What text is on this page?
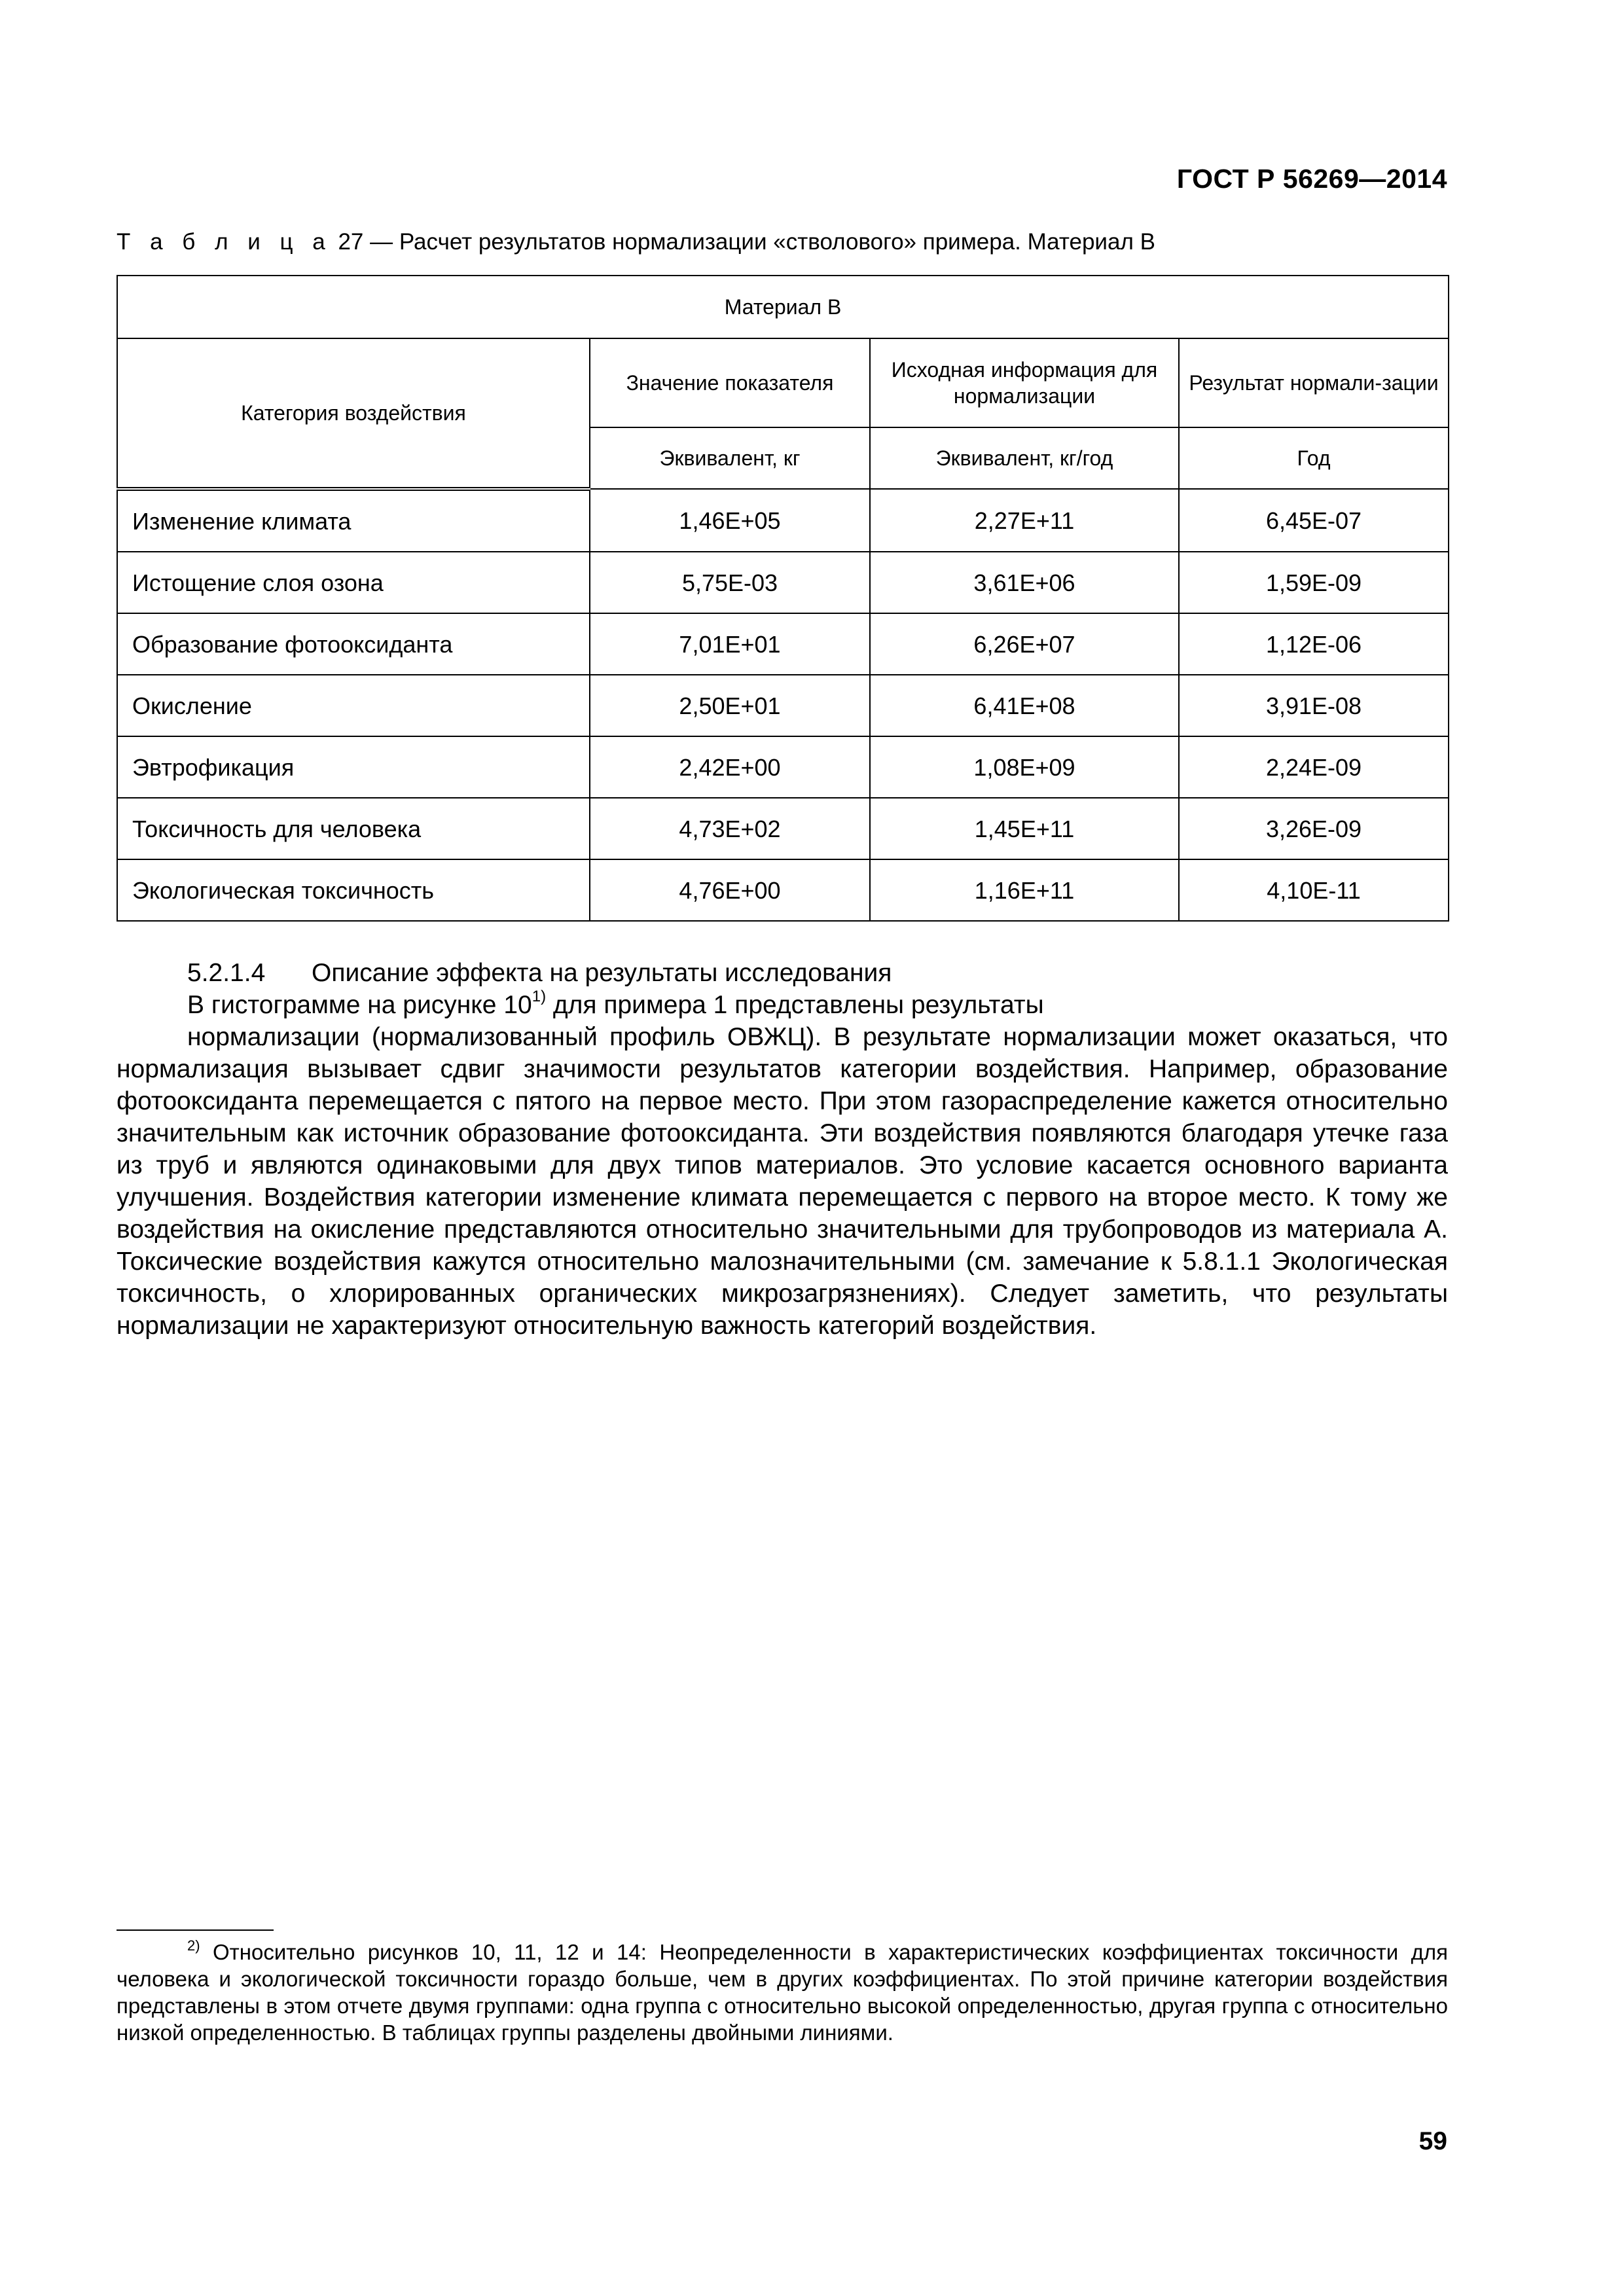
ГОСТ Р 56269—2014
Т а б л и ц а 27 — Расчет результатов нормализации «стволового» примера. Материал В
Материал В			
Категория воздействия	Значение показателя	Исходная информация для нормализации	Результат нормали-зации
	Эквивалент, кг	Эквивалент, кг/год	Год
Изменение климата	1,46E+05	2,27E+11	6,45E-07
Истощение слоя озона	5,75E-03	3,61E+06	1,59E-09
Образование фотооксиданта	7,01E+01	6,26E+07	1,12E-06
Окисление	2,50E+01	6,41E+08	3,91E-08
Эвтрофикация	2,42E+00	1,08E+09	2,24E-09
Токсичность для человека	4,73E+02	1,45E+11	3,26E-09
Экологическая токсичность	4,76E+00	1,16E+11	4,10E-11

5.2.1.4 Описание эффекта на результаты исследования

В гистограмме на рисунке 10$^{1)}$ для примера 1 представлены результаты

нормализации (нормализованный профиль ОВЖЦ). В результате нормализации может оказаться, что нормализация вызывает сдвиг значимости результатов категории воздействия. Например, образование фотооксиданта перемещается с пятого на первое место. При этом газораспределение кажется относительно значительным как источник образование фотооксиданта. Эти воздействия появляются благодаря утечке газа из труб и являются одинаковыми для двух типов материалов. Это условие касается основного варианта улучшения. Воздействия категории изменение климата перемещается с первого на второе место. К тому же воздействия на окисление представляются относительно значительными для трубопроводов из материала А. Токсические воздействия кажутся относительно малозначительными (см. замечание к 5.8.1.1 Экологическая токсичность, о хлорированных органических микрозагрязнениях). Следует заметить, что результаты нормализации не характеризуют относительную важность категорий воздействия.

$^{2)}$ Относительно рисунков 10, 11, 12 и 14: Неопределенности в характеристических коэффициентах токсичности для человека и экологической токсичности гораздо больше, чем в других коэффициентах. По этой причине категории воздействия представлены в этом отчете двумя группами: одна группа с относительно высокой определенностью, другая группа с относительно низкой определенностью. В таблицах группы разделены двойными линиями.
59
